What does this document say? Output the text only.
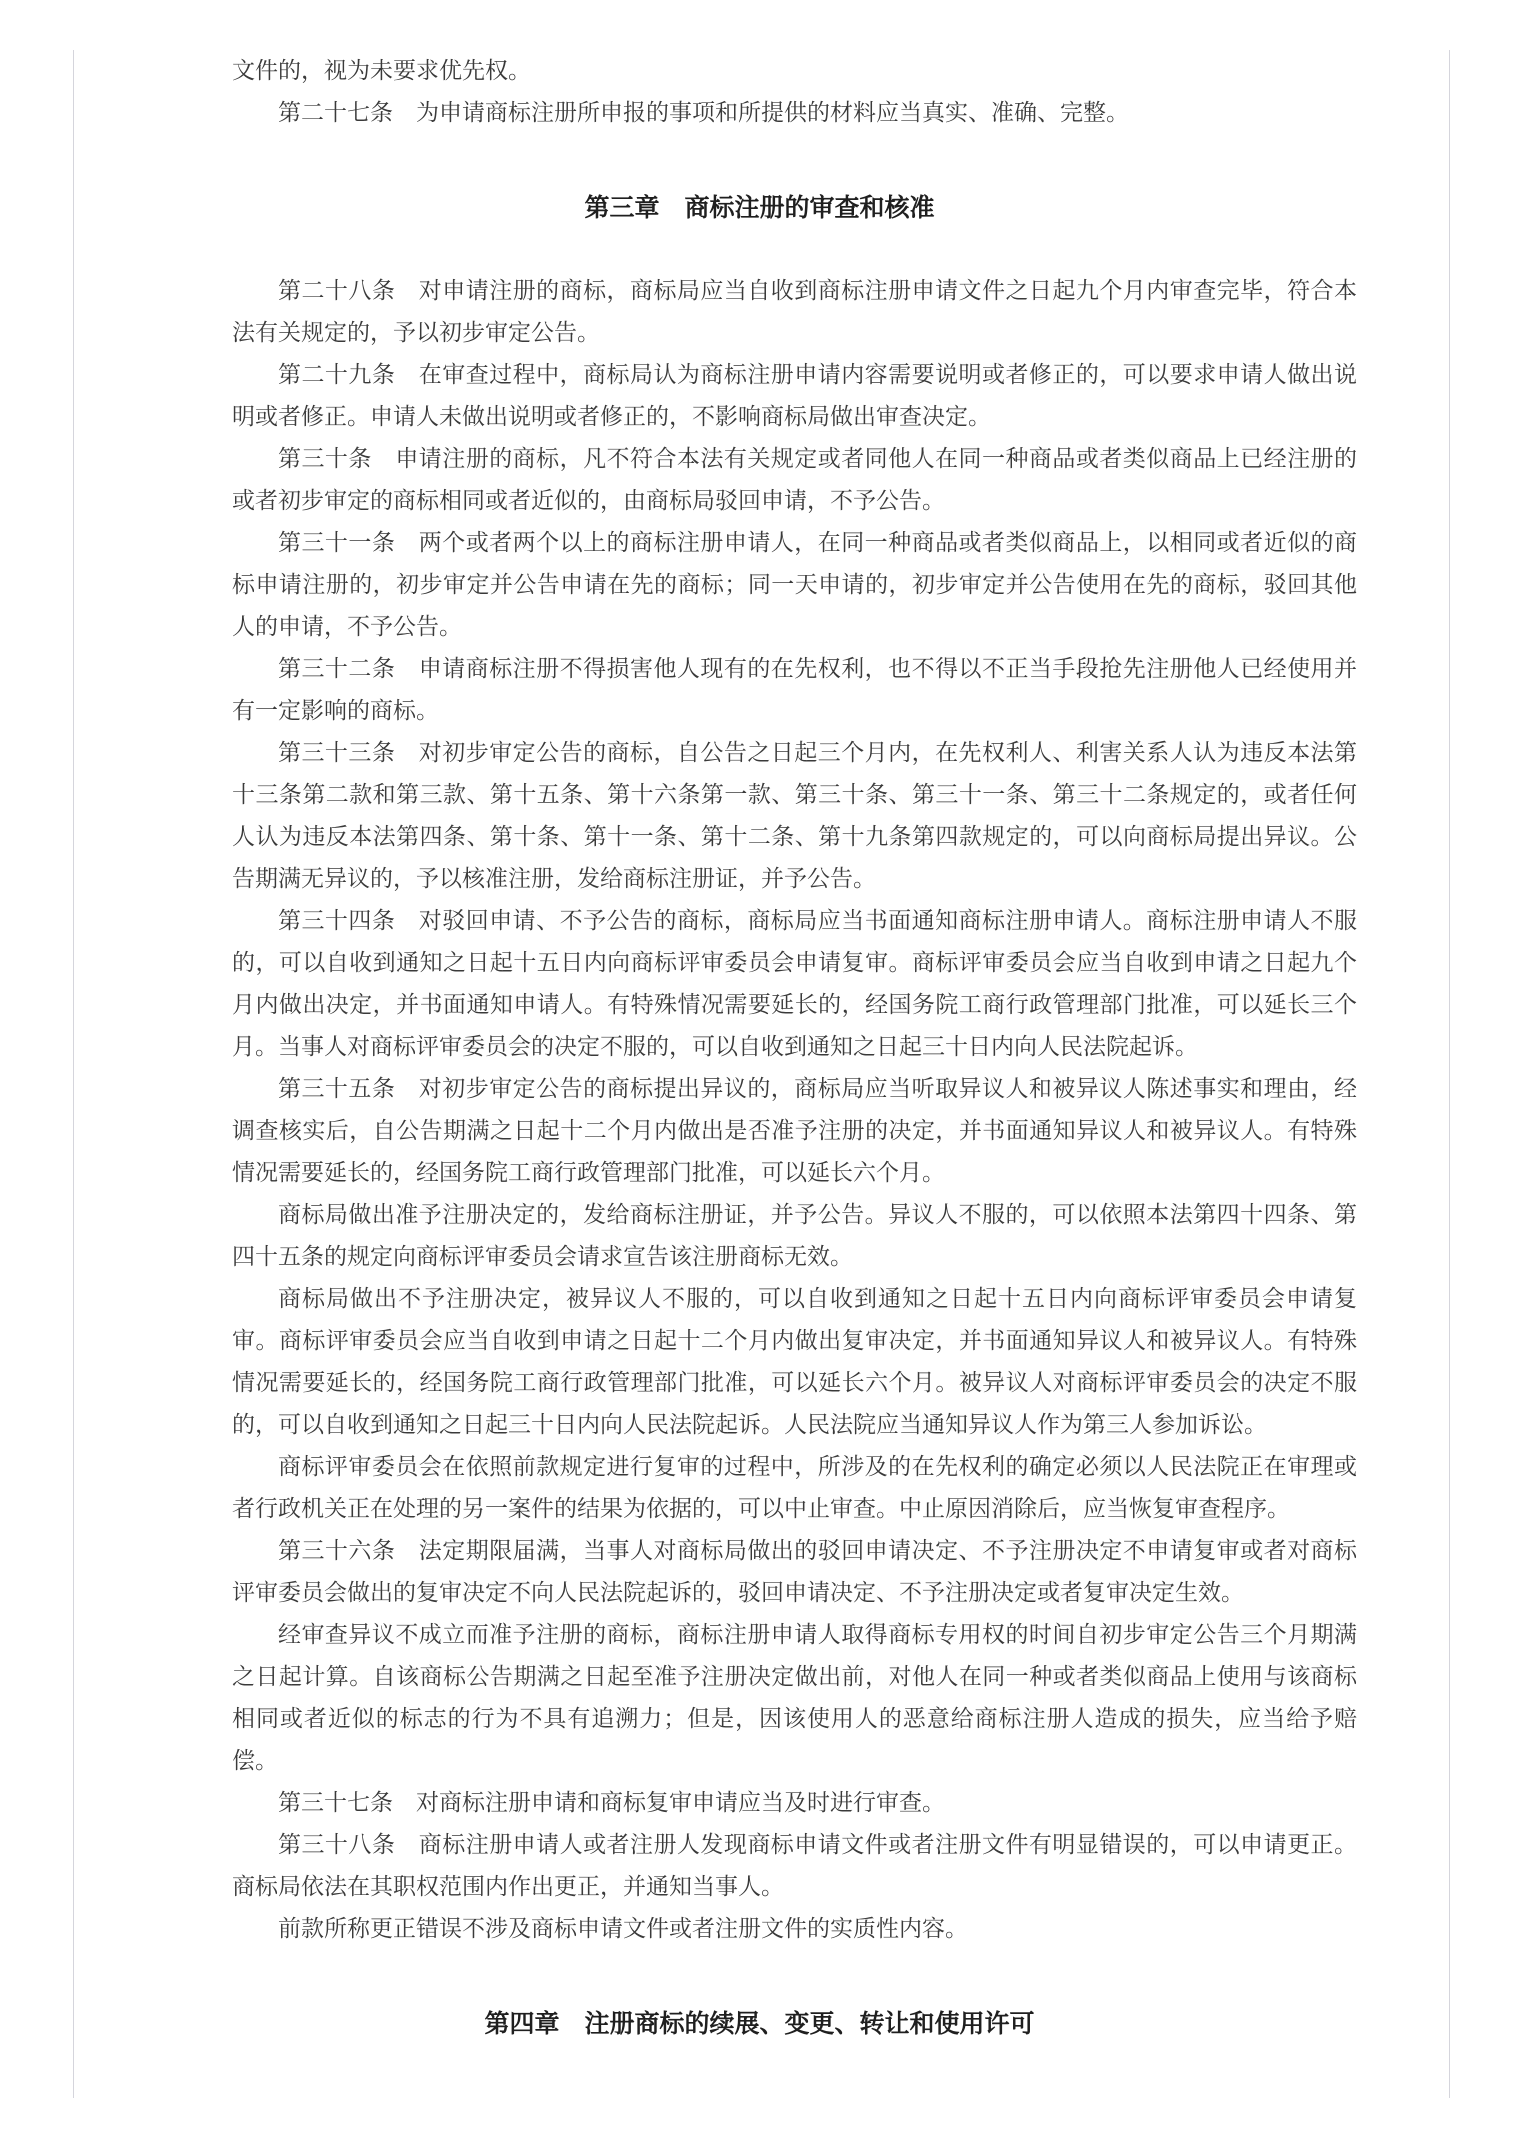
文件的，视为未要求优先权。

第二十七条　为申请商标注册所申报的事项和所提供的材料应当真实、准确、完整。

第三章　商标注册的审查和核准

第二十八条　对申请注册的商标，商标局应当自收到商标注册申请文件之日起九个月内审查完毕，符合本法有关规定的，予以初步审定公告。

第二十九条　在审查过程中，商标局认为商标注册申请内容需要说明或者修正的，可以要求申请人做出说明或者修正。申请人未做出说明或者修正的，不影响商标局做出审查决定。

第三十条　申请注册的商标，凡不符合本法有关规定或者同他人在同一种商品或者类似商品上已经注册的或者初步审定的商标相同或者近似的，由商标局驳回申请，不予公告。

第三十一条　两个或者两个以上的商标注册申请人，在同一种商品或者类似商品上，以相同或者近似的商标申请注册的，初步审定并公告申请在先的商标；同一天申请的，初步审定并公告使用在先的商标，驳回其他人的申请，不予公告。

第三十二条　申请商标注册不得损害他人现有的在先权利，也不得以不正当手段抢先注册他人已经使用并有一定影响的商标。

第三十三条　对初步审定公告的商标，自公告之日起三个月内，在先权利人、利害关系人认为违反本法第十三条第二款和第三款、第十五条、第十六条第一款、第三十条、第三十一条、第三十二条规定的，或者任何人认为违反本法第四条、第十条、第十一条、第十二条、第十九条第四款规定的，可以向商标局提出异议。公告期满无异议的，予以核准注册，发给商标注册证，并予公告。

第三十四条　对驳回申请、不予公告的商标，商标局应当书面通知商标注册申请人。商标注册申请人不服的，可以自收到通知之日起十五日内向商标评审委员会申请复审。商标评审委员会应当自收到申请之日起九个月内做出决定，并书面通知申请人。有特殊情况需要延长的，经国务院工商行政管理部门批准，可以延长三个月。当事人对商标评审委员会的决定不服的，可以自收到通知之日起三十日内向人民法院起诉。

第三十五条　对初步审定公告的商标提出异议的，商标局应当听取异议人和被异议人陈述事实和理由，经调查核实后，自公告期满之日起十二个月内做出是否准予注册的决定，并书面通知异议人和被异议人。有特殊情况需要延长的，经国务院工商行政管理部门批准，可以延长六个月。

商标局做出准予注册决定的，发给商标注册证，并予公告。异议人不服的，可以依照本法第四十四条、第四十五条的规定向商标评审委员会请求宣告该注册商标无效。

商标局做出不予注册决定，被异议人不服的，可以自收到通知之日起十五日内向商标评审委员会申请复审。商标评审委员会应当自收到申请之日起十二个月内做出复审决定，并书面通知异议人和被异议人。有特殊情况需要延长的，经国务院工商行政管理部门批准，可以延长六个月。被异议人对商标评审委员会的决定不服的，可以自收到通知之日起三十日内向人民法院起诉。人民法院应当通知异议人作为第三人参加诉讼。

商标评审委员会在依照前款规定进行复审的过程中，所涉及的在先权利的确定必须以人民法院正在审理或者行政机关正在处理的另一案件的结果为依据的，可以中止审查。中止原因消除后，应当恢复审查程序。

第三十六条　法定期限届满，当事人对商标局做出的驳回申请决定、不予注册决定不申请复审或者对商标评审委员会做出的复审决定不向人民法院起诉的，驳回申请决定、不予注册决定或者复审决定生效。

经审查异议不成立而准予注册的商标，商标注册申请人取得商标专用权的时间自初步审定公告三个月期满之日起计算。自该商标公告期满之日起至准予注册决定做出前，对他人在同一种或者类似商品上使用与该商标相同或者近似的标志的行为不具有追溯力；但是，因该使用人的恶意给商标注册人造成的损失，应当给予赔偿。

第三十七条　对商标注册申请和商标复审申请应当及时进行审查。

第三十八条　商标注册申请人或者注册人发现商标申请文件或者注册文件有明显错误的，可以申请更正。商标局依法在其职权范围内作出更正，并通知当事人。

前款所称更正错误不涉及商标申请文件或者注册文件的实质性内容。

第四章　注册商标的续展、变更、转让和使用许可
